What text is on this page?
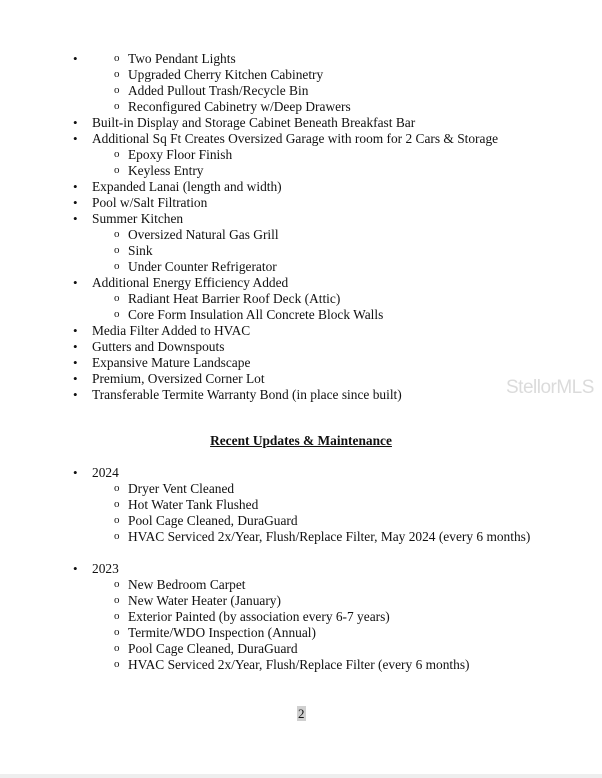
o • Two Pendant Lights
o Upgraded Cherry Kitchen Cabinetry
o Added Pullout Trash/Recycle Bin
o Reconfigured Cabinetry w/Deep Drawers
• Built-in Display and Storage Cabinet Beneath Breakfast Bar
• Additional Sq Ft Creates Oversized Garage with room for 2 Cars & Storage
o Epoxy Floor Finish
o Keyless Entry
• Expanded Lanai (length and width)
• Pool w/Salt Filtration
• Summer Kitchen
o Oversized Natural Gas Grill
o Sink
o Under Counter Refrigerator
• Additional Energy Efficiency Added
o Radiant Heat Barrier Roof Deck (Attic)
o Core Form Insulation All Concrete Block Walls
• Media Filter Added to HVAC
• Gutters and Downspouts
• Expansive Mature Landscape
• Premium, Oversized Corner Lot
• Transferable Termite Warranty Bond (in place since built)	StellorMLS
Recent Updates & Maintenance
• 2024
o Dryer Vent Cleaned
o Hot Water Tank Flushed
o Pool Cage Cleaned, DuraGuard
o HVAC Serviced 2x/Year, Flush/Replace Filter, May 2024 (every 6 months)
• 2023
o New Bedroom Carpet
o New Water Heater (January)
o Exterior Painted (by association every 6-7 years)
o Termite/WDO Inspection (Annual)
o Pool Cage Cleaned, DuraGuard
o HVAC Serviced 2x/Year, Flush/Replace Filter (every 6 months)
2
